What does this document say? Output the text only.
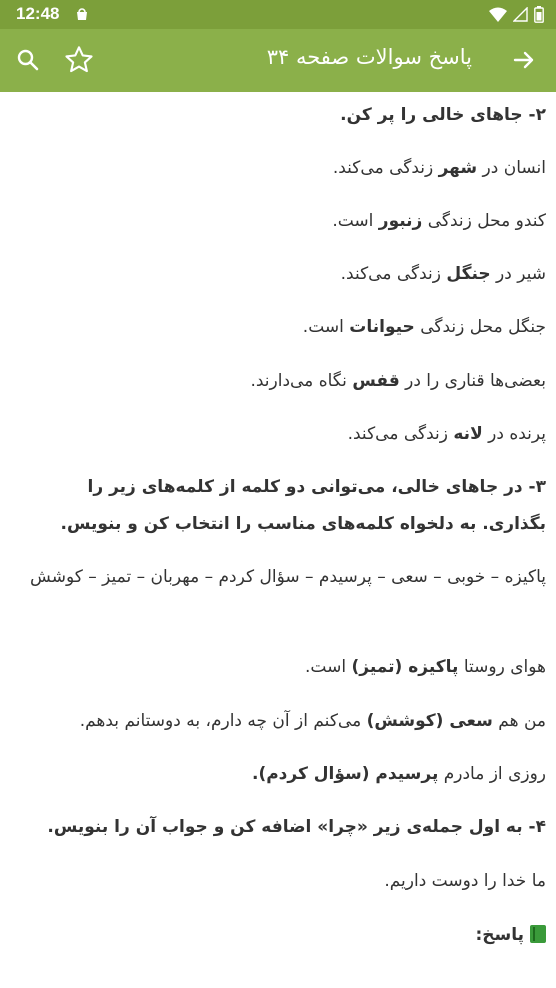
12:48
پاسخ سوالات صفحه ۳۴

۲- جاهای خالی را پر کن.

انسان در شهر زندگی می‌کند.

کندو محل زندگی زنبور است.

شیر در جنگل زندگی می‌کند.

جنگل محل زندگی حیوانات است.

بعضی‌ها قناری را در قفس نگاه می‌دارند.

پرنده در لانه زندگی می‌کند.

۳- در جاهای خالی، می‌توانی دو کلمه از کلمه‌های زیر را بگذاری. به دلخواه کلمه‌های مناسب را انتخاب کن و بنویس.

پاکیزه – خوبی – سعی – پرسیدم – سؤال کردم – مهربان – تمیز – کوشش

هوای روستا پاکیزه (تمیز) است.

من هم سعی (کوشش) می‌کنم از آن چه دارم، به دوستانم بدهم.

روزی از مادرم پرسیدم (سؤال کردم).

۴- به اول جمله‌ی زیر «چرا» اضافه کن و جواب آن را بنویس.

ما خدا را دوست داریم.

پاسخ:
